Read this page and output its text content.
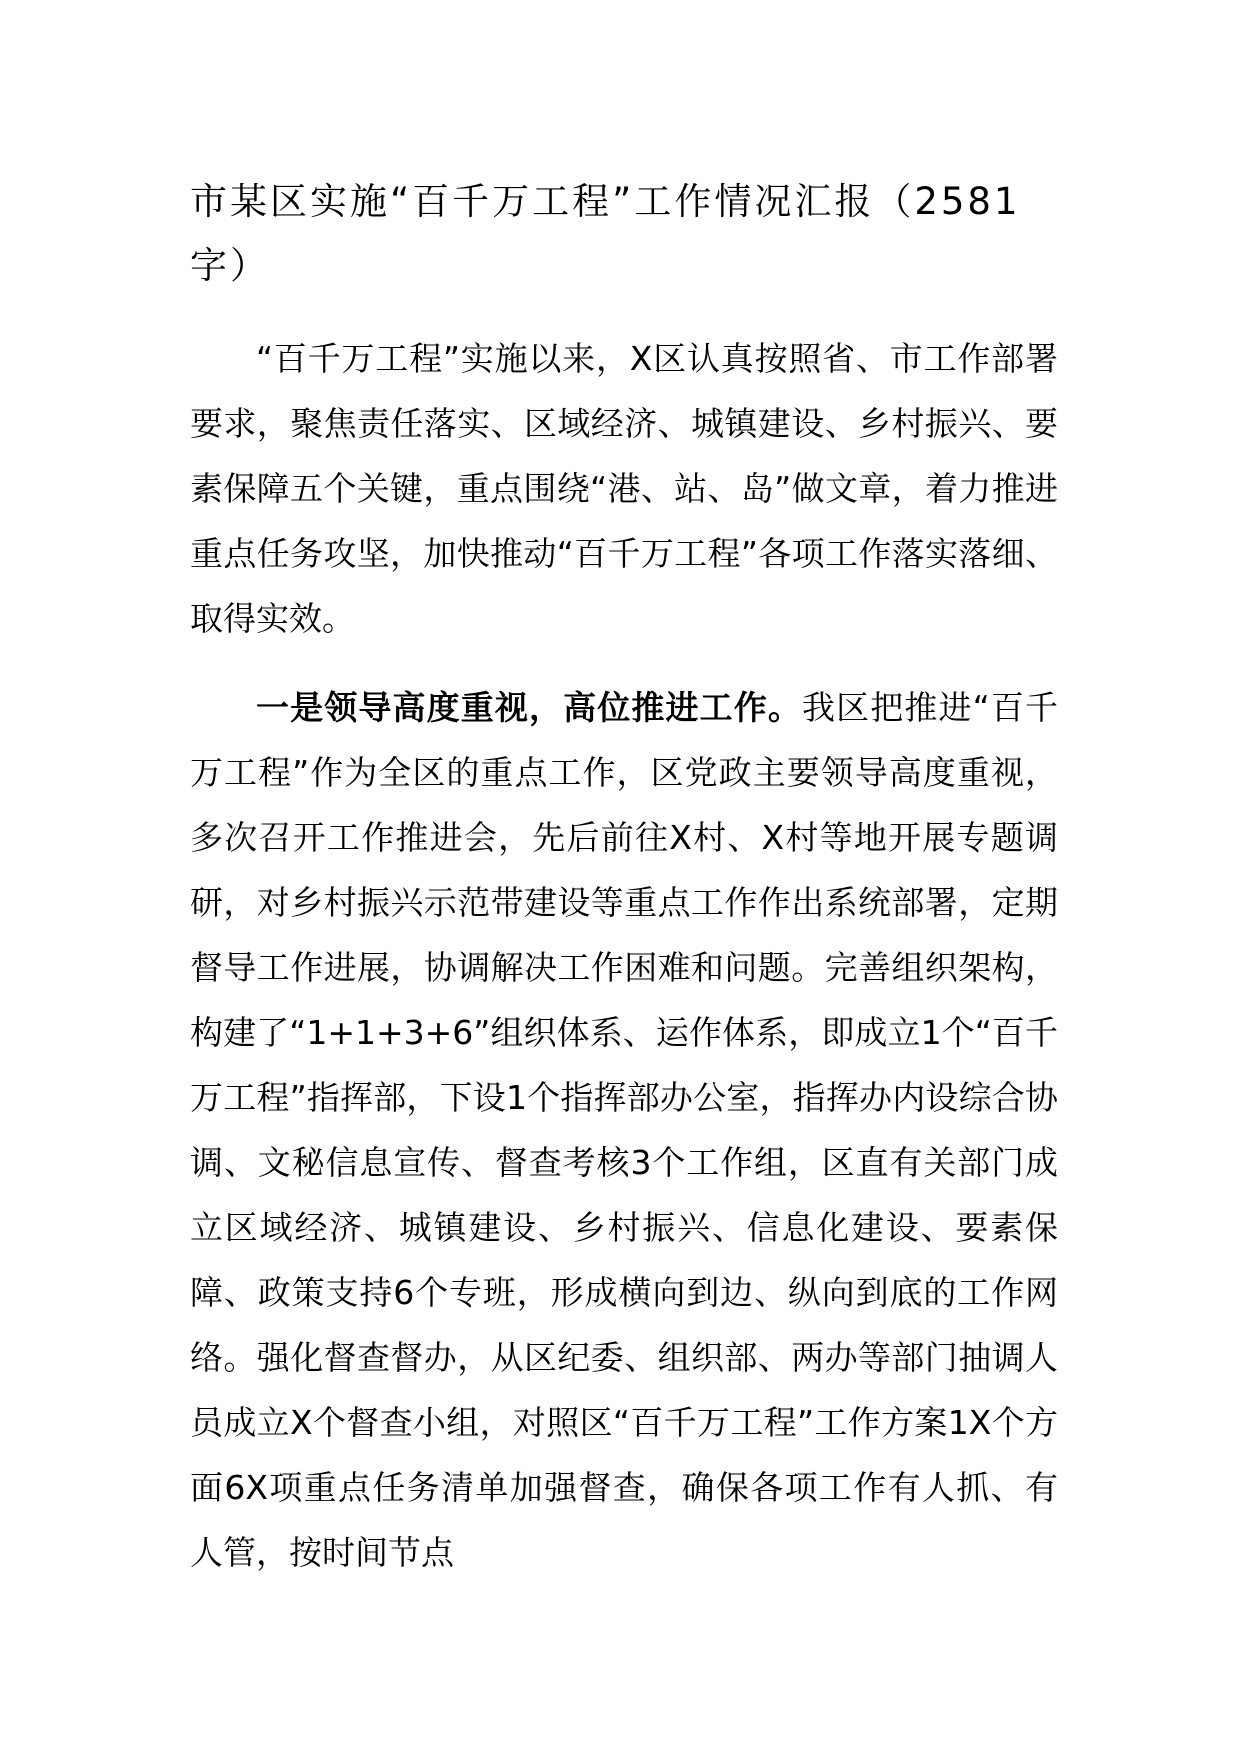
市某区实施“百千万工程”工作情况汇报（2581字）

“百千万工程”实施以来，X区认真按照省、市工作部署要求，聚焦责任落实、区域经济、城镇建设、乡村振兴、要素保障五个关键，重点围绕“港、站、岛”做文章，着力推进重点任务攻坚，加快推动“百千万工程”各项工作落实落细、取得实效。

一是领导高度重视，高位推进工作。我区把推进“百千万工程”作为全区的重点工作，区党政主要领导高度重视，多次召开工作推进会，先后前往X村、X村等地开展专题调研，对乡村振兴示范带建设等重点工作作出系统部署，定期督导工作进展，协调解决工作困难和问题。完善组织架构，构建了“1+1+3+6”组织体系、运作体系，即成立1个“百千万工程”指挥部，下设1个指挥部办公室，指挥办内设综合协调、文秘信息宣传、督查考核3个工作组，区直有关部门成立区域经济、城镇建设、乡村振兴、信息化建设、要素保障、政策支持6个专班，形成横向到边、纵向到底的工作网络。强化督查督办，从区纪委、组织部、两办等部门抽调人员成立X个督查小组，对照区“百千万工程”工作方案1X个方面6X项重点任务清单加强督查，确保各项工作有人抓、有人管，按时间节点
